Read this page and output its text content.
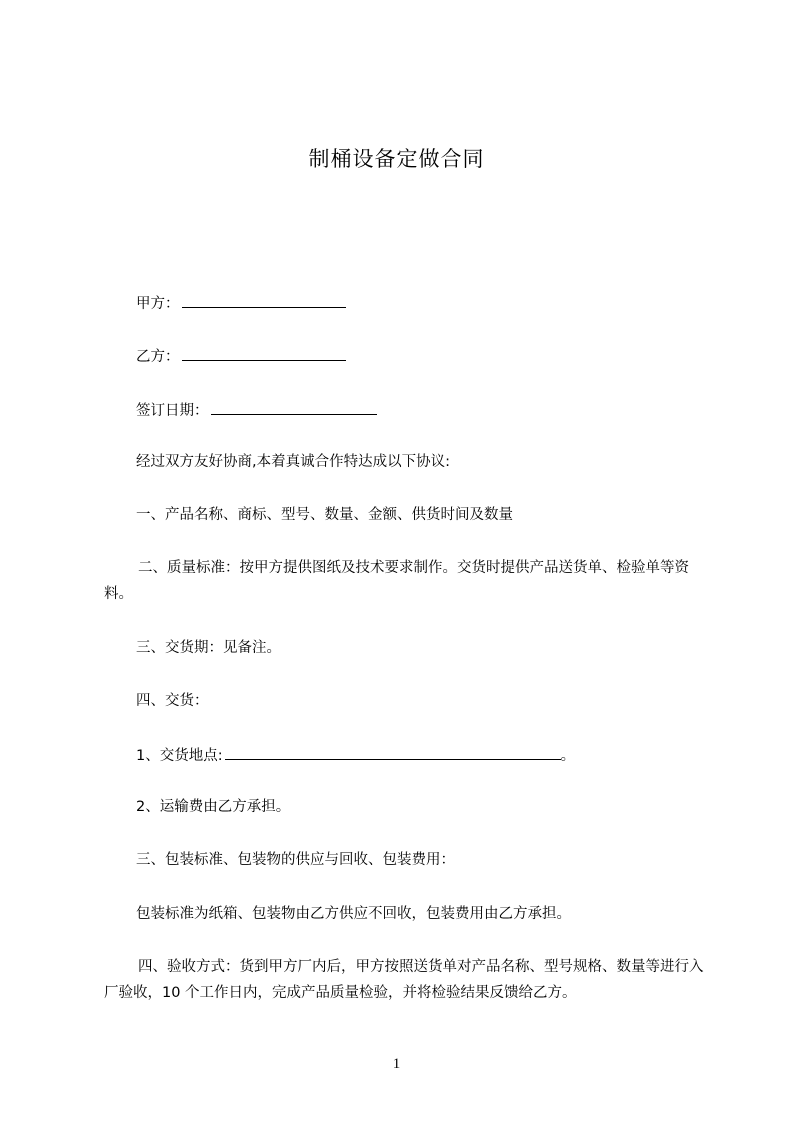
制桶设备定做合同
甲方：
乙方：
签订日期：
经过双方友好协商,本着真诚合作特达成以下协议:
一、产品名称、商标、型号、数量、金额、供货时间及数量
二、质量标准：按甲方提供图纸及技术要求制作。交货时提供产品送货单、检验单等资料。
三、交货期：见备注。
四、交货：
1、交货地点:	。
2、运输费由乙方承担。
三、包装标准、包装物的供应与回收、包装费用：
包装标准为纸箱、包装物由乙方供应不回收，包装费用由乙方承担。
四、验收方式：货到甲方厂内后，甲方按照送货单对产品名称、型号规格、数量等进行入厂验收，10 个工作日内，完成产品质量检验，并将检验结果反馈给乙方。
1
